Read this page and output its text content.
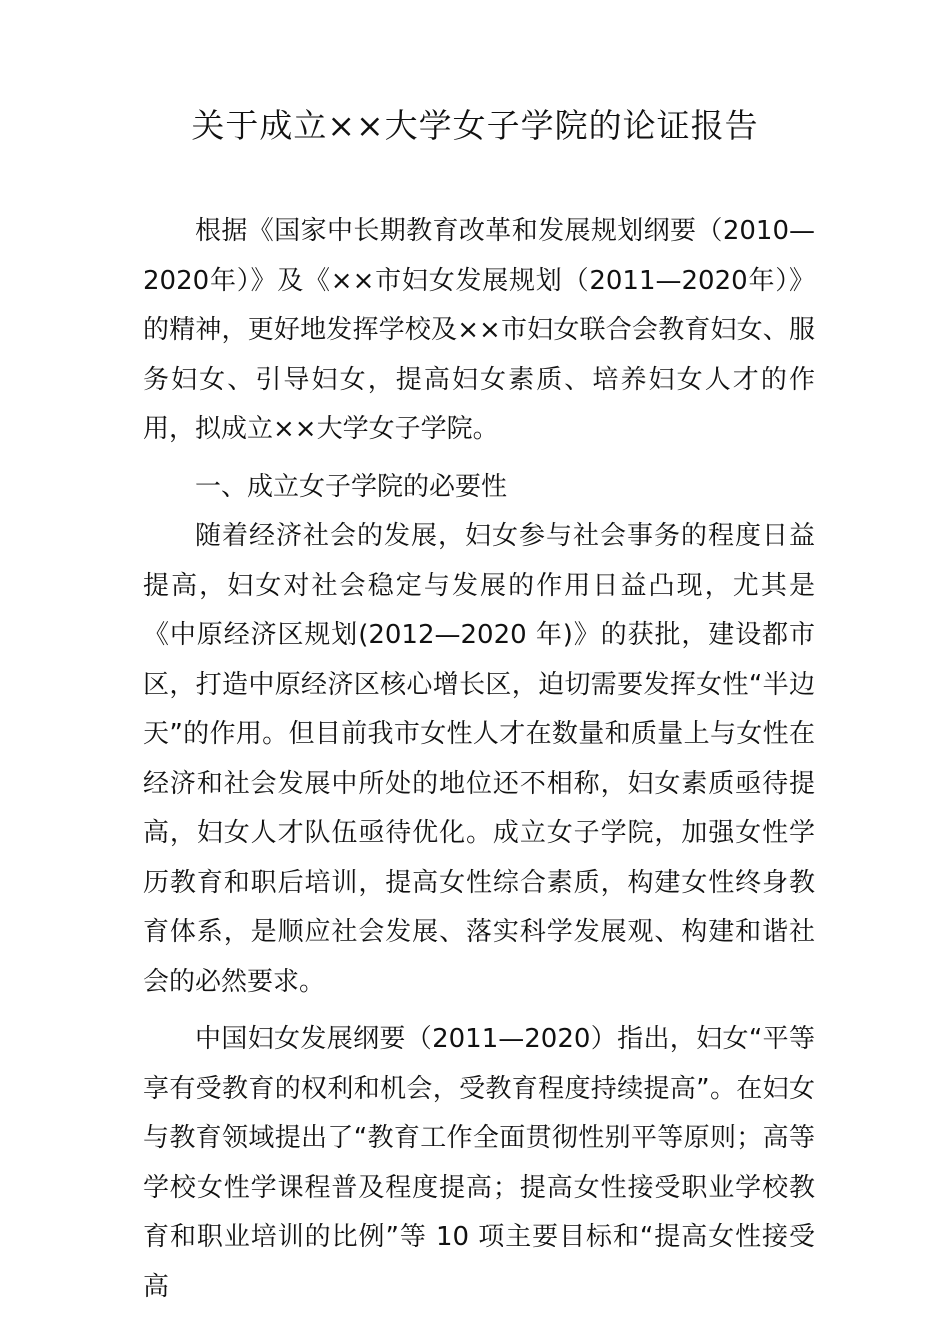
关于成立××大学女子学院的论证报告

根据《国家中长期教育改革和发展规划纲要（2010—2020年）》及《××市妇女发展规划（2011—2020年）》的精神，更好地发挥学校及××市妇女联合会教育妇女、服务妇女、引导妇女，提高妇女素质、培养妇女人才的作用，拟成立××大学女子学院。

一、成立女子学院的必要性

随着经济社会的发展，妇女参与社会事务的程度日益提高，妇女对社会稳定与发展的作用日益凸现，尤其是《中原经济区规划(2012—2020 年)》的获批，建设都市区，打造中原经济区核心增长区，迫切需要发挥女性“半边天”的作用。但目前我市女性人才在数量和质量上与女性在经济和社会发展中所处的地位还不相称，妇女素质亟待提高，妇女人才队伍亟待优化。成立女子学院，加强女性学历教育和职后培训，提高女性综合素质，构建女性终身教育体系，是顺应社会发展、落实科学发展观、构建和谐社会的必然要求。

中国妇女发展纲要（2011—2020）指出，妇女“平等享有受教育的权利和机会，受教育程度持续提高”。在妇女与教育领域提出了“教育工作全面贯彻性别平等原则；高等学校女性学课程普及程度提高；提高女性接受职业学校教育和职业培训的比例”等 10 项主要目标和“提高女性接受高
